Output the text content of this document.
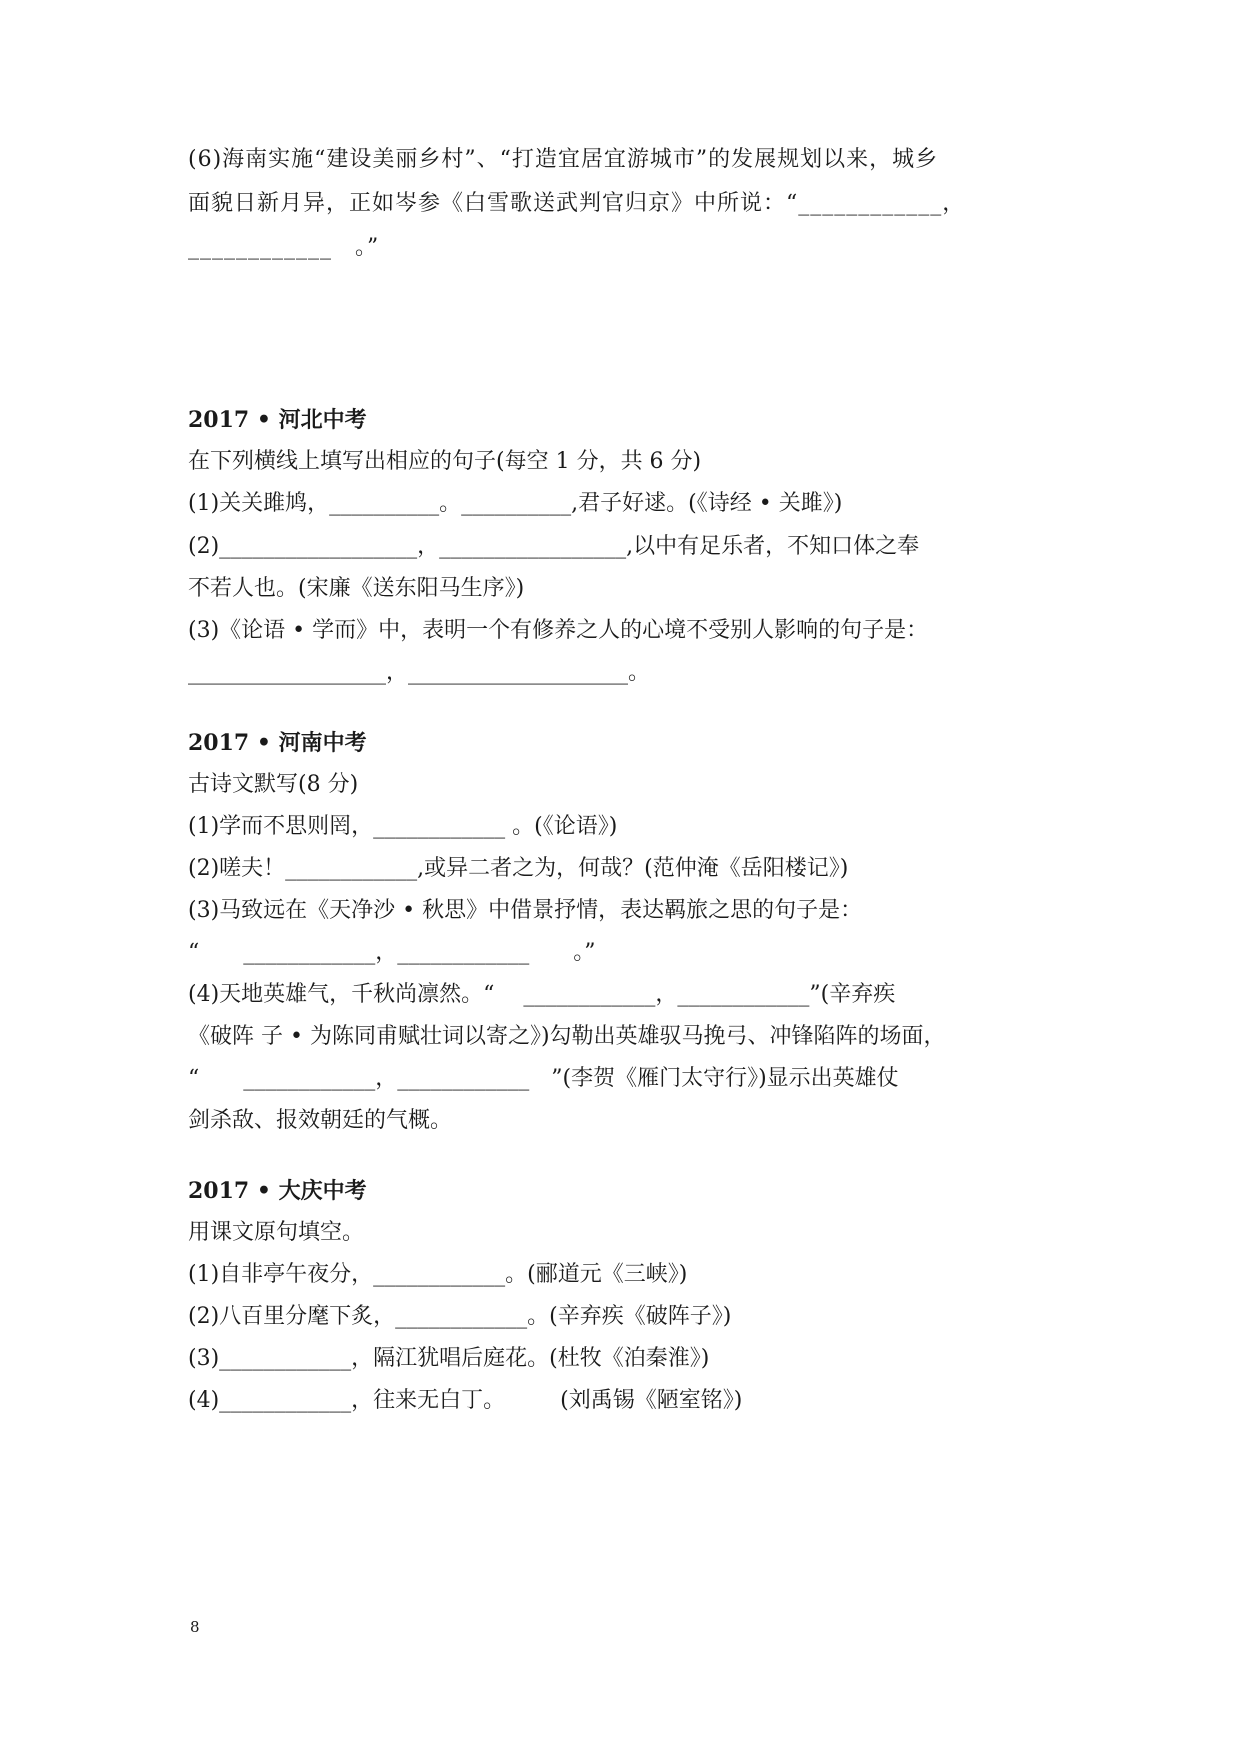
(6)海南实施“建设美丽乡村”、“打造宜居宜游城市”的发展规划以来，城乡

面貌日新月异，正如岑参《白雪歌送武判官归京》中所说：“____________，

____________　。”

2017 • 河北中考

在下列横线上填写出相应的句子(每空 1 分，共 6 分)

(1)关关雎鸠，__________。__________,君子好逑。(《诗经 • 关雎》)

(2)__________________，_________________,以中有足乐者，不知口体之奉

不若人也。(宋廉《送东阳马生序》)

(3)《论语 • 学而》中，表明一个有修养之人的心境不受别人影响的句子是：

__________________，____________________。

2017 • 河南中考

古诗文默写(8 分)

(1)学而不思则罔，____________ 。(《论语》)

(2)嗟夫！____________,或异二者之为，何哉？(范仲淹《岳阳楼记》)

(3)马致远在《天净沙 • 秋思》中借景抒情，表达羁旅之思的句子是：

“　　____________，____________　　。”

(4)天地英雄气，千秋尚凛然。“　 ____________，____________”(辛弃疾

《破阵 子 • 为陈同甫赋壮词以寄之》)勾勒出英雄驭马挽弓、冲锋陷阵的场面，

“　　____________，____________　”(李贺《雁门太守行》)显示出英雄仗

剑杀敌、报效朝廷的气概。

2017 • 大庆中考

用课文原句填空。

(1)自非亭午夜分，____________。(郦道元《三峡》)

(2)八百里分麾下炙，____________。(辛弃疾《破阵子》)

(3)____________，隔江犹唱后庭花。(杜牧《泊秦淮》)

(4)____________，往来无白丁。　　　(刘禹锡《陋室铭》)

8
